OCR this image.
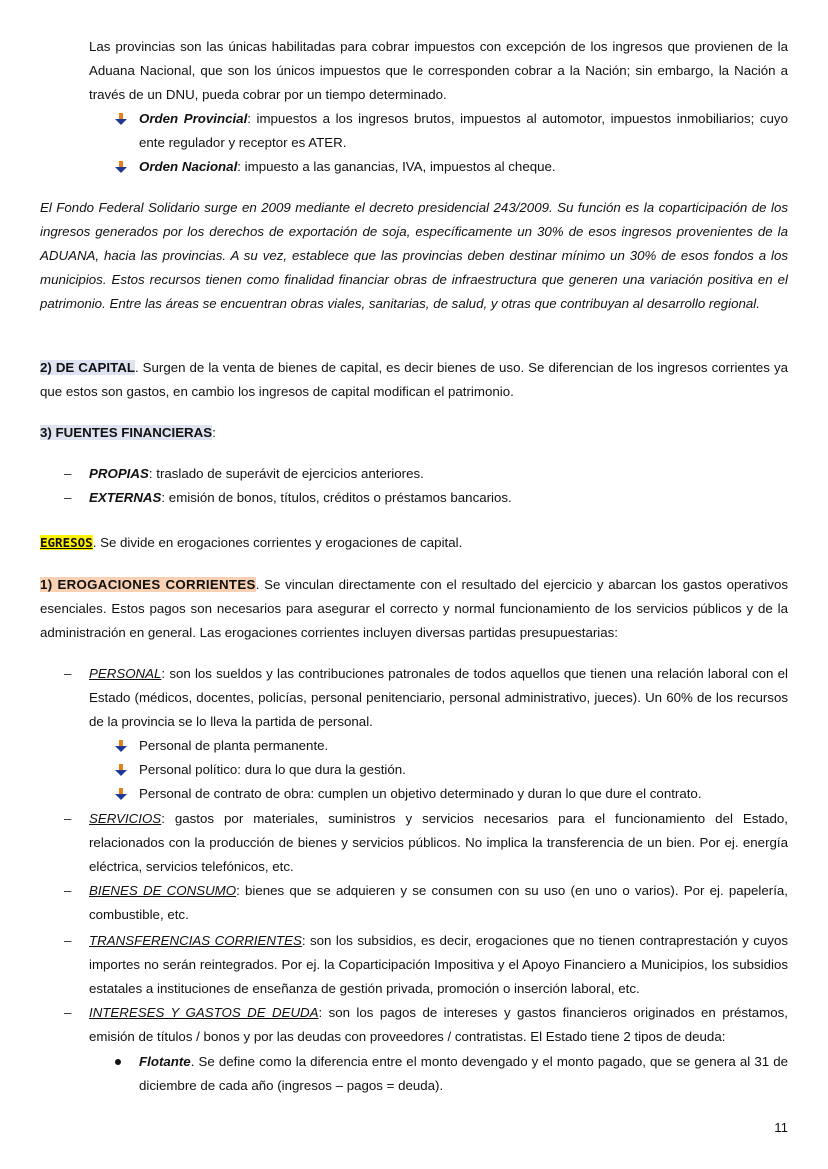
Las provincias son las únicas habilitadas para cobrar impuestos con excepción de los ingresos que provienen de la Aduana Nacional, que son los únicos impuestos que le corresponden cobrar a la Nación; sin embargo, la Nación a través de un DNU, pueda cobrar por un tiempo determinado.

Orden Provincial: impuestos a los ingresos brutos, impuestos al automotor, impuestos inmobiliarios; cuyo ente regulador y receptor es ATER.

Orden Nacional: impuesto a las ganancias, IVA, impuestos al cheque.

El Fondo Federal Solidario surge en 2009 mediante el decreto presidencial 243/2009. Su función es la coparticipación de los ingresos generados por los derechos de exportación de soja, específicamente un 30% de esos ingresos provenientes de la ADUANA, hacia las provincias. A su vez, establece que las provincias deben destinar mínimo un 30% de esos fondos a los municipios. Estos recursos tienen como finalidad financiar obras de infraestructura que generen una variación positiva en el patrimonio. Entre las áreas se encuentran obras viales, sanitarias, de salud, y otras que contribuyan al desarrollo regional.

2) DE CAPITAL. Surgen de la venta de bienes de capital, es decir bienes de uso. Se diferencian de los ingresos corrientes ya que estos son gastos, en cambio los ingresos de capital modifican el patrimonio.

3) FUENTES FINANCIERAS:

– PROPIAS: traslado de superávit de ejercicios anteriores.

– EXTERNAS: emisión de bonos, títulos, créditos o préstamos bancarios.

EGRESOS. Se divide en erogaciones corrientes y erogaciones de capital.

1) EROGACIONES CORRIENTES. Se vinculan directamente con el resultado del ejercicio y abarcan los gastos operativos esenciales. Estos pagos son necesarios para asegurar el correcto y normal funcionamiento de los servicios públicos y de la administración en general. Las erogaciones corrientes incluyen diversas partidas presupuestarias:

– PERSONAL: son los sueldos y las contribuciones patronales de todos aquellos que tienen una relación laboral con el Estado (médicos, docentes, policías, personal penitenciario, personal administrativo, jueces). Un 60% de los recursos de la provincia se lo lleva la partida de personal.

Personal de planta permanente.

Personal político: dura lo que dura la gestión.

Personal de contrato de obra: cumplen un objetivo determinado y duran lo que dure el contrato.

– SERVICIOS: gastos por materiales, suministros y servicios necesarios para el funcionamiento del Estado, relacionados con la producción de bienes y servicios públicos. No implica la transferencia de un bien. Por ej. energía eléctrica, servicios telefónicos, etc.

– BIENES DE CONSUMO: bienes que se adquieren y se consumen con su uso (en uno o varios). Por ej. papelería, combustible, etc.

– TRANSFERENCIAS CORRIENTES: son los subsidios, es decir, erogaciones que no tienen contraprestación y cuyos importes no serán reintegrados. Por ej. la Coparticipación Impositiva y el Apoyo Financiero a Municipios, los subsidios estatales a instituciones de enseñanza de gestión privada, promoción o inserción laboral, etc.

– INTERESES Y GASTOS DE DEUDA: son los pagos de intereses y gastos financieros originados en préstamos, emisión de títulos / bonos y por las deudas con proveedores / contratistas. El Estado tiene 2 tipos de deuda:

Flotante. Se define como la diferencia entre el monto devengado y el monto pagado, que se genera al 31 de diciembre de cada año (ingresos – pagos = deuda).

11
